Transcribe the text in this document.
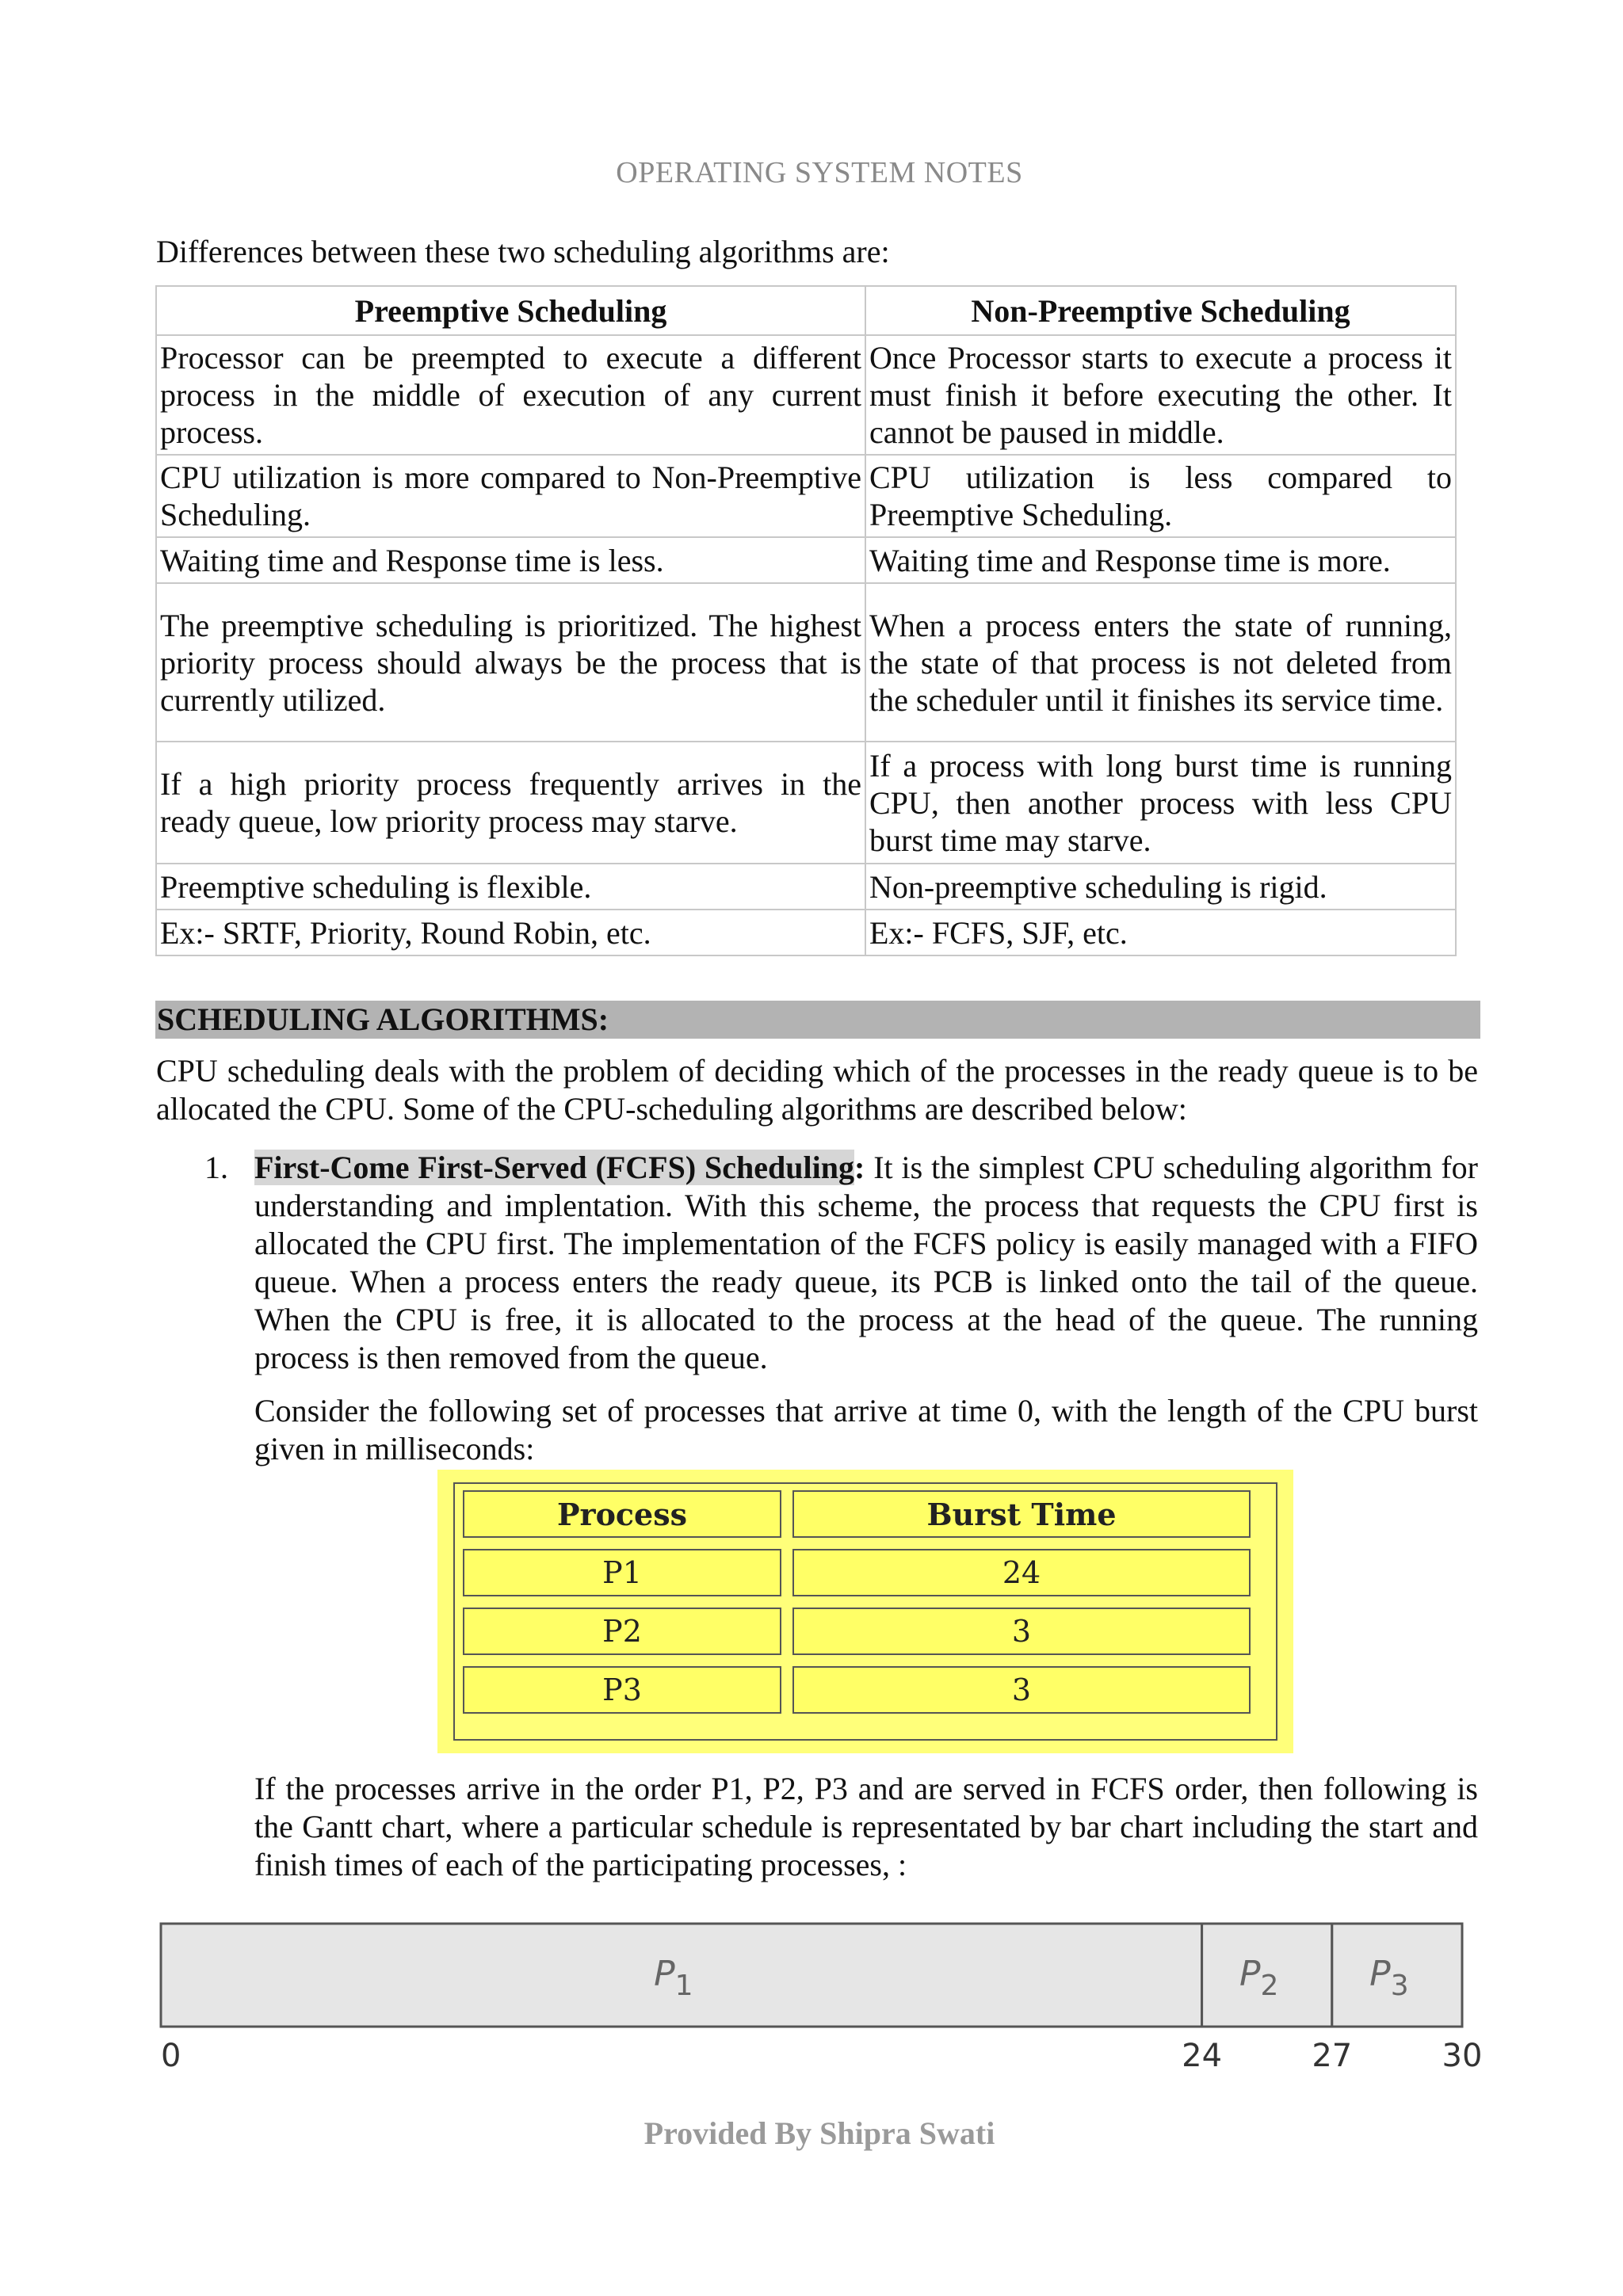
OPERATING SYSTEM NOTES
Differences between these two scheduling algorithms are:
Preemptive Scheduling	Non-Preemptive Scheduling
Processor can be preempted to execute a different process in the middle of execution of any current process.	Once Processor starts to execute a process it must finish it before executing the other. It cannot be paused in middle.
CPU utilization is more compared to Non-Preemptive Scheduling.	CPU utilization is less compared to Preemptive Scheduling.
Waiting time and Response time is less.	Waiting time and Response time is more.
The preemptive scheduling is prioritized. The highest priority process should always be the process that is currently utilized.	When a process enters the state of running, the state of that process is not deleted from the scheduler until it finishes its service time.
If a high priority process frequently arrives in the ready queue, low priority process may starve.	If a process with long burst time is running CPU, then another process with less CPU burst time may starve.
Preemptive scheduling is flexible.	Non-preemptive scheduling is rigid.
Ex:- SRTF, Priority, Round Robin, etc.	Ex:- FCFS, SJF, etc.
SCHEDULING ALGORITHMS:
CPU scheduling deals with the problem of deciding which of the processes in the ready queue is to be allocated the CPU. Some of the CPU-scheduling algorithms are described below:
1. First-Come First-Served (FCFS) Scheduling: It is the simplest CPU scheduling algorithm for understanding and implentation. With this scheme, the process that requests the CPU first is allocated the CPU first. The implementation of the FCFS policy is easily managed with a FIFO queue. When a process enters the ready queue, its PCB is linked onto the tail of the queue. When the CPU is free, it is allocated to the process at the head of the queue. The running process is then removed from the queue.
Consider the following set of processes that arrive at time 0, with the length of the CPU burst given in milliseconds:
Process	Burst Time
P1	24
P2	3
P3	3
If the processes arrive in the order P1, P2, P3 and are served in FCFS order, then following is the Gantt chart, where a particular schedule is representated by bar chart including the start and finish times of each of the participating processes, :
$P_1$	$P_2$	$P_3$
0	24	27	30
Provided By Shipra Swati
